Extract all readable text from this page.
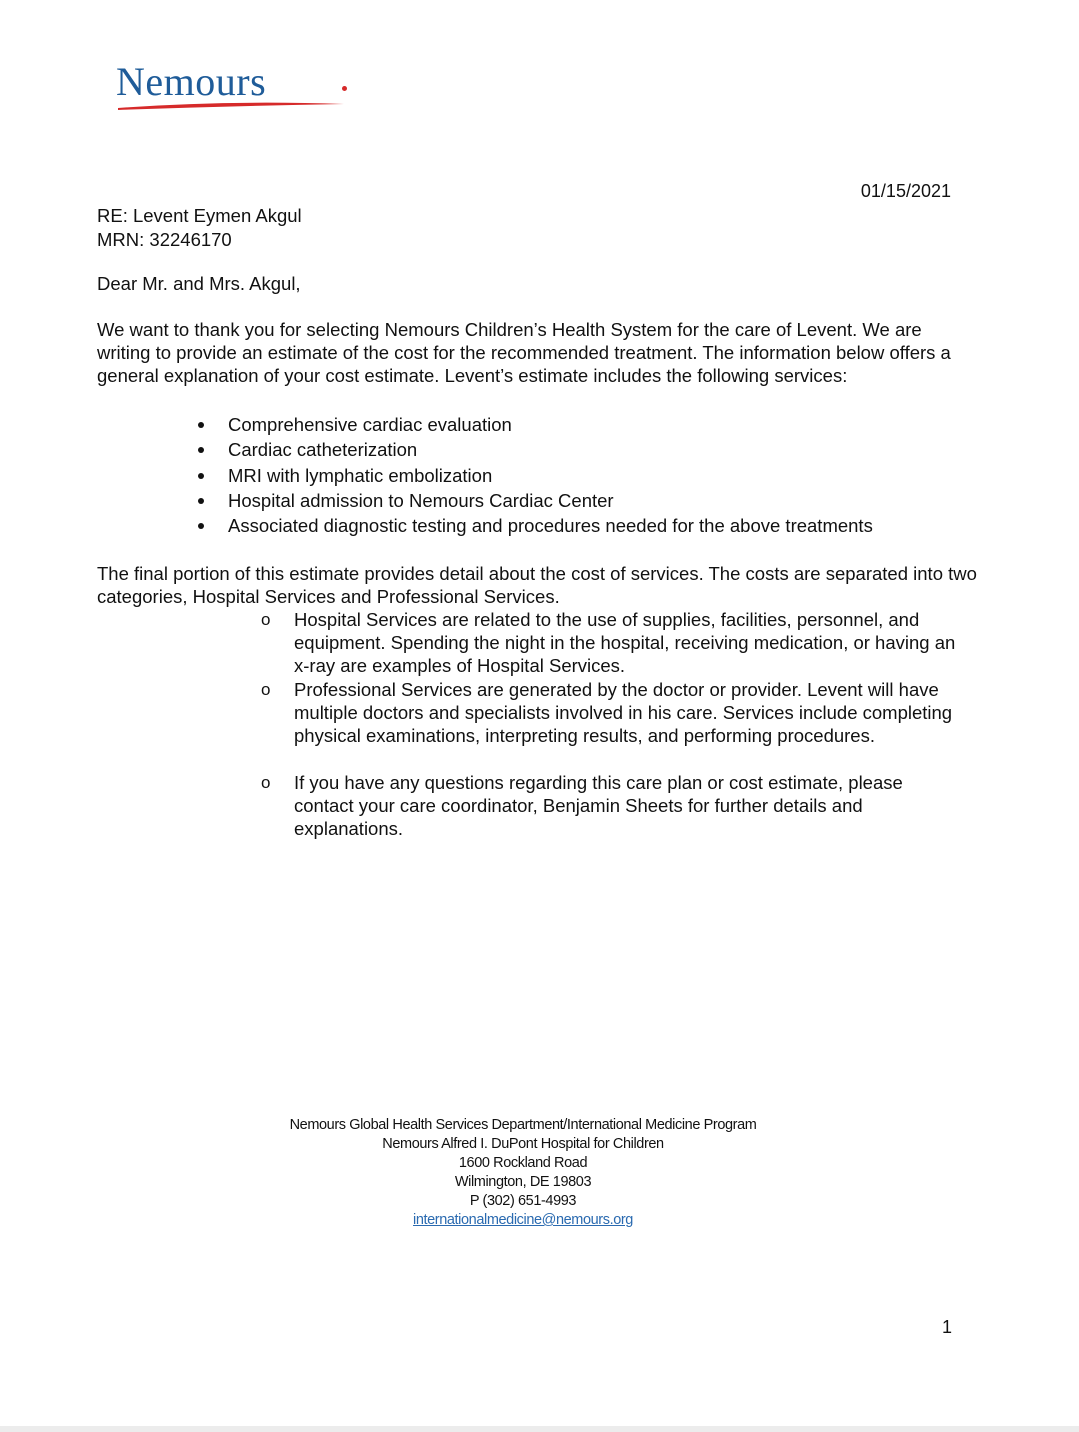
Nemours
01/15/2021
RE: Levent Eymen Akgul
MRN: 32246170
Dear Mr. and Mrs. Akgul,
We want to thank you for selecting Nemours Children’s Health System for the care of Levent. We are writing to provide an estimate of the cost for the recommended treatment. The information below offers a general explanation of your cost estimate. Levent’s estimate includes the following services:
Comprehensive cardiac evaluation
Cardiac catheterization
MRI with lymphatic embolization
Hospital admission to Nemours Cardiac Center
Associated diagnostic testing and procedures needed for the above treatments
The final portion of this estimate provides detail about the cost of services. The costs are separated into two categories, Hospital Services and Professional Services.
o	Hospital Services are related to the use of supplies, facilities, personnel, and equipment. Spending the night in the hospital, receiving medication, or having an x-ray are examples of Hospital Services.
o	Professional Services are generated by the doctor or provider. Levent will have multiple doctors and specialists involved in his care. Services include completing physical examinations, interpreting results, and performing procedures.
o	If you have any questions regarding this care plan or cost estimate, please contact your care coordinator, Benjamin Sheets for further details and explanations.
Nemours Global Health Services Department/International Medicine Program
Nemours Alfred I. DuPont Hospital for Children
1600 Rockland Road
Wilmington, DE 19803
P (302) 651-4993
internationalmedicine@nemours.org
1
